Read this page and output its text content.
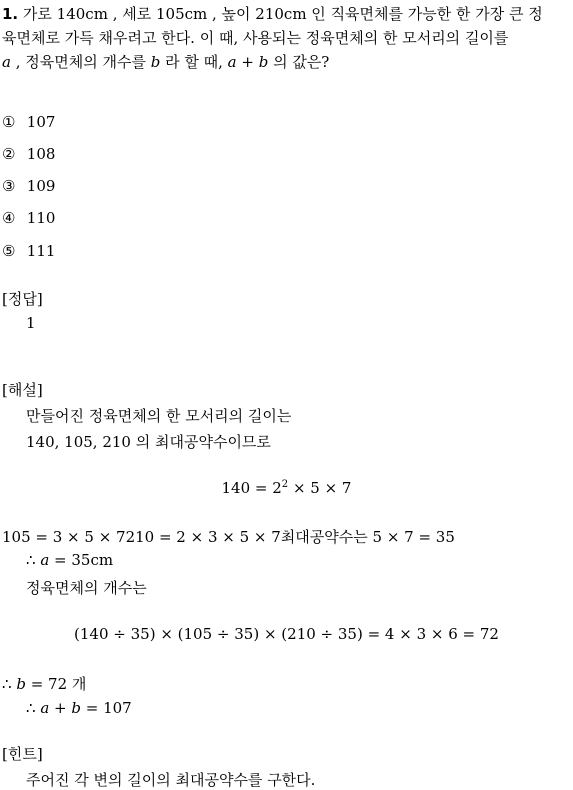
1. 가로 140cm , 세로 105cm , 높이 210cm 인 직육면체를 가능한 한 가장 큰 정
육면체로 가득 채우려고 한다. 이 때, 사용되는 정육면체의 한 모서리의 길이를
a , 정육면체의 개수를 b 라 할 때, a + b 의 값은?
① 107
② 108
③ 109
④ 110
⑤ 111
[정답]
1
[해설]
만들어진 정육면체의 한 모서리의 길이는
140, 105, 210 의 최대공약수이므로
$140 = 2^2 \times 5 \times 7$
105 = 3 × 5 × 7210 = 2 × 3 × 5 × 7최대공약수는 5 × 7 = 35
∴ a = 35cm
정육면체의 개수는
(140 ÷ 35) × (105 ÷ 35) × (210 ÷ 35) = 4 × 3 × 6 = 72
∴ b = 72 개
∴ a + b = 107
[힌트]
주어진 각 변의 길이의 최대공약수를 구한다.
